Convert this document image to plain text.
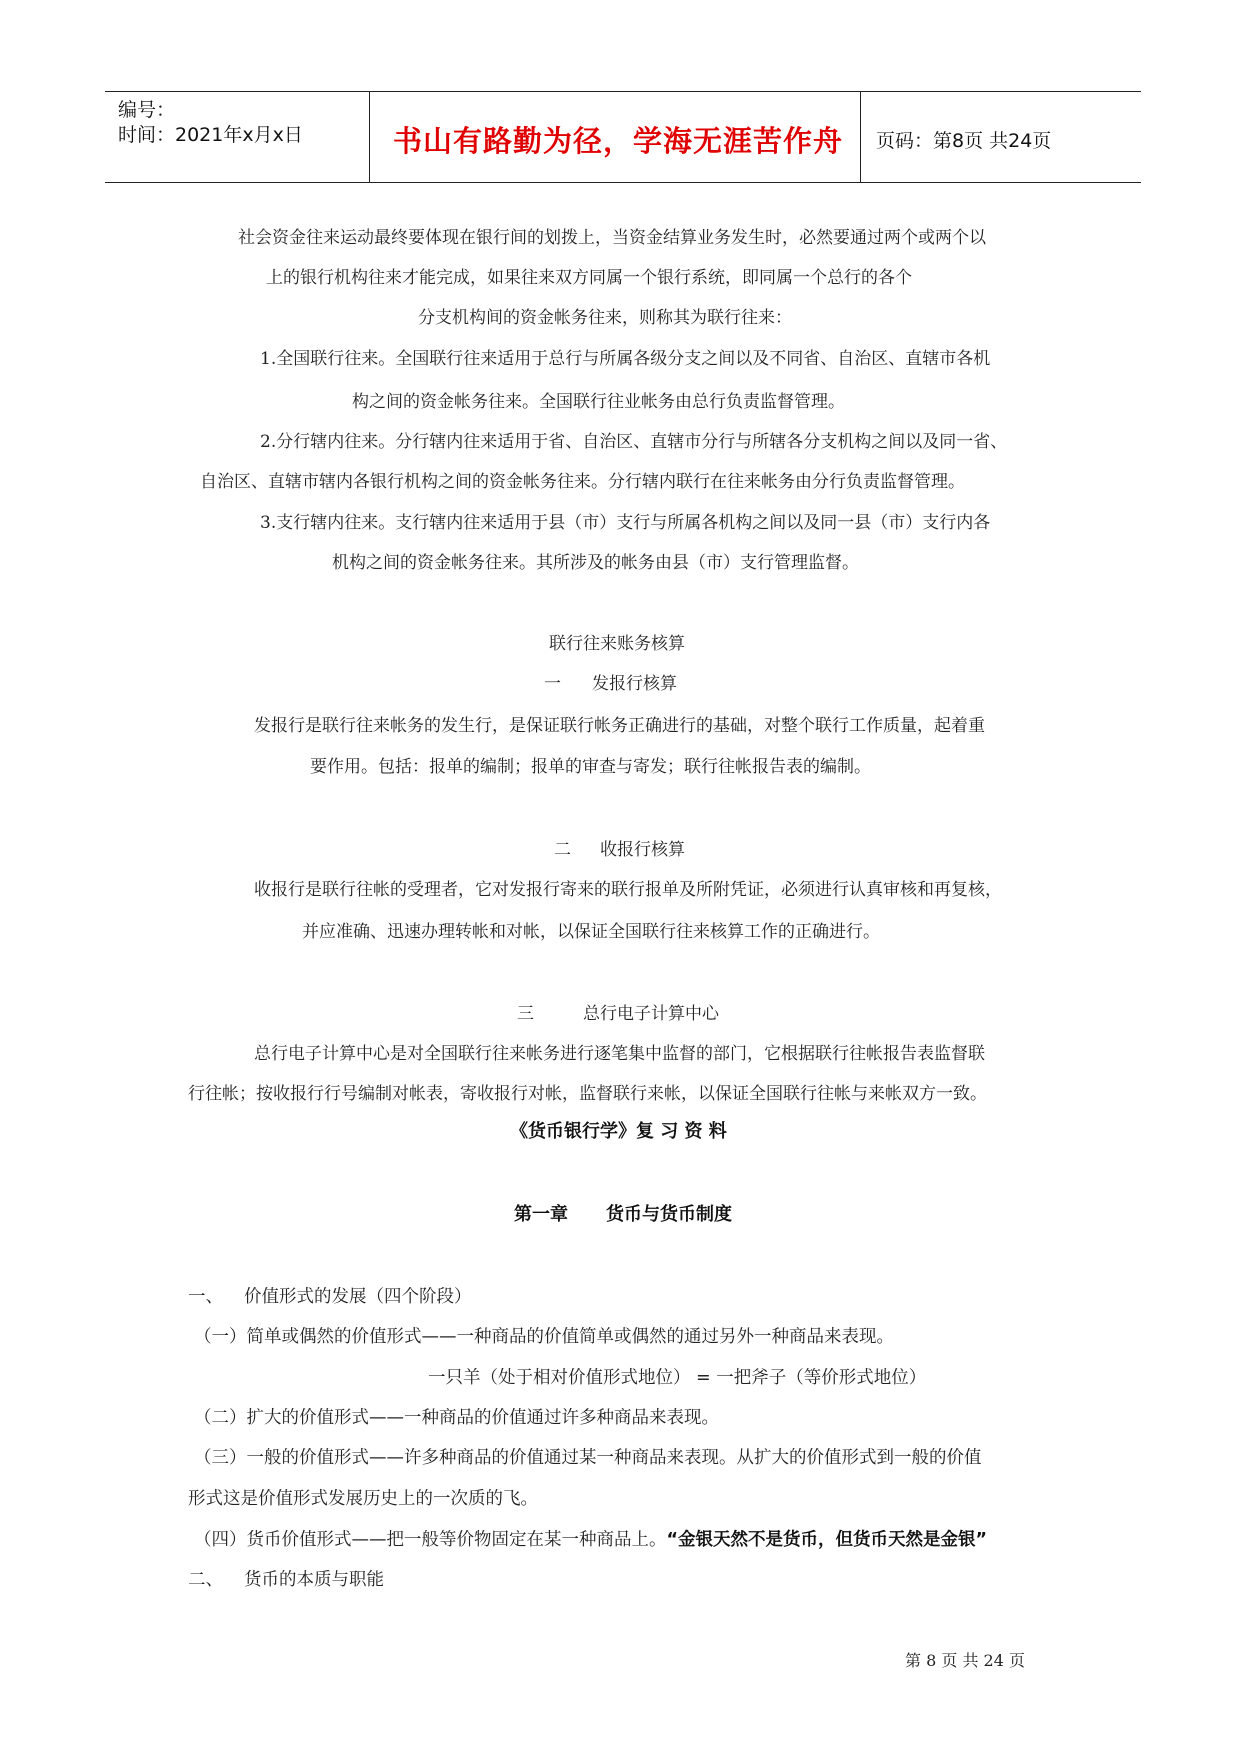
编号：
时间：2021年x月x日	书山有路勤为径，学海无涯苦作舟 页码：第8页 共24页
社会资金往来运动最终要体现在银行间的划拨上，当资金结算业务发生时，必然要通过两个或两个以
上的银行机构往来才能完成，如果往来双方同属一个银行系统，即同属一个总行的各个
分支机构间的资金帐务往来，则称其为联行往来：
1.全国联行往来。全国联行往来适用于总行与所属各级分支之间以及不同省、自治区、直辖市各机
构之间的资金帐务往来。全国联行往业帐务由总行负责监督管理。
2.分行辖内往来。分行辖内往来适用于省、自治区、直辖市分行与所辖各分支机构之间以及同一省、
自治区、直辖市辖内各银行机构之间的资金帐务往来。分行辖内联行在往来帐务由分行负责监督管理。
3.支行辖内往来。支行辖内往来适用于县（市）支行与所属各机构之间以及同一县（市）支行内各
机构之间的资金帐务往来。其所涉及的帐务由县（市）支行管理监督。
联行往来账务核算
一 发报行核算
发报行是联行往来帐务的发生行，是保证联行帐务正确进行的基础，对整个联行工作质量，起着重
要作用。包括：报单的编制；报单的审查与寄发；联行往帐报告表的编制。
二 收报行核算
收报行是联行往帐的受理者，它对发报行寄来的联行报单及所附凭证，必须进行认真审核和再复核，
并应准确、迅速办理转帐和对帐，以保证全国联行往来核算工作的正确进行。
三	总行电子计算中心
总行电子计算中心是对全国联行往来帐务进行逐笔集中监督的部门，它根据联行往帐报告表监督联
行往帐；按收报行行号编制对帐表，寄收报行对帐，监督联行来帐，以保证全国联行往帐与来帐双方一致。
《货币银行学》复 习 资 料
第一章 货币与货币制度
一、 价值形式的发展（四个阶段）
（一）简单或偶然的价值形式——一种商品的价值简单或偶然的通过另外一种商品来表现。
一只羊（处于相对价值形式地位） = 一把斧子（等价形式地位）
（二）扩大的价值形式——一种商品的价值通过许多种商品来表现。
（三）一般的价值形式——许多种商品的价值通过某一种商品来表现。从扩大的价值形式到一般的价值
形式这是价值形式发展历史上的一次质的飞。
（四）货币价值形式——把一般等价物固定在某一种商品上。“金银天然不是货币，但货币天然是金银”
二、 货币的本质与职能
第 8 页 共 24 页
